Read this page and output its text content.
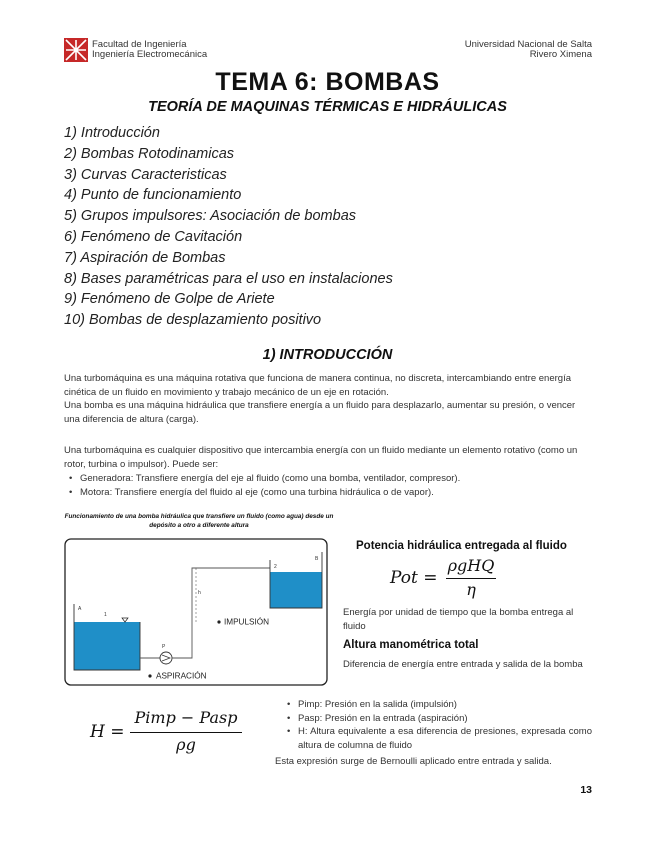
Facultad de Ingeniería
Ingeniería Electromecánica
Universidad Nacional de Salta
Rivero Ximena
TEMA 6: BOMBAS
TEORÍA DE MAQUINAS TÉRMICAS E HIDRÁULICAS
1) Introducción
2) Bombas Rotodinamicas
3) Curvas Caracteristicas
4) Punto de funcionamiento
5) Grupos impulsores: Asociación de bombas
6) Fenómeno de Cavitación
7) Aspiración de Bombas
8) Bases paramétricas para el uso en instalaciones
9) Fenómeno de Golpe de Ariete
10) Bombas de desplazamiento positivo
1) INTRODUCCIÓN
Una turbomáquina es una máquina rotativa que funciona de manera continua, no discreta, intercambiando entre energía cinética de un fluido en movimiento y trabajo mecánico de un eje en rotación.
Una bomba es una máquina hidráulica que transfiere energía a un fluido para desplazarlo, aumentar su presión, o vencer una diferencia de altura (carga).
Una turbomáquina es cualquier dispositivo que intercambia energía con un fluido mediante un elemento rotativo (como un rotor, turbina o impulsor). Puede ser:
• Generadora: Transfiere energía del eje al fluido (como una bomba, ventilador, compresor).
• Motora: Transfiere energía del fluido al eje (como una turbina hidráulica o de vapor).
Funcionamiento de una bomba hidráulica que transfiere un fluido (como agua) desde un depósito a otro a diferente altura
A
1
P
h
2
B
IMPULSIÓN
ASPIRACIÓN
Potencia hidráulica entregada al fluido
Pot =
ρgHQ
η
Energía por unidad de tiempo que la bomba entrega al fluido
Altura manométrica total
Diferencia de energía entre entrada y salida de la bomba
H =
Pimp − Pasp
ρg
• Pimp: Presión en la salida (impulsión)
• Pasp: Presión en la entrada (aspiración)
• H: Altura equivalente a esa diferencia de presiones, expresada como altura de columna de fluido
Esta expresión surge de Bernoulli aplicado entre entrada y salida.
13
